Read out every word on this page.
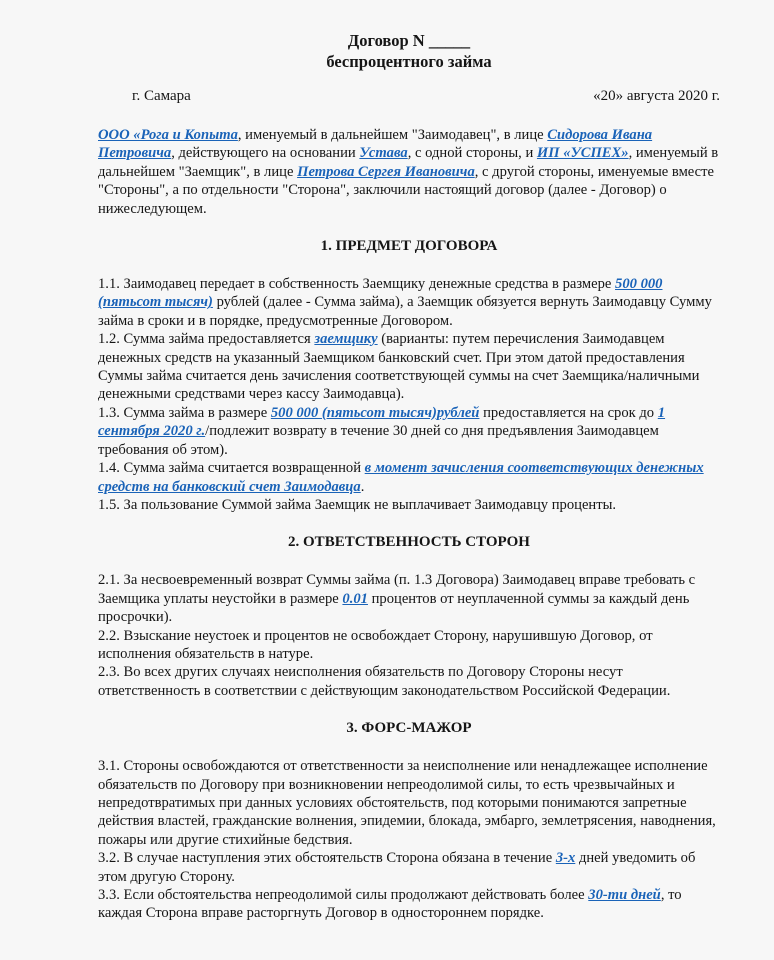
Договор N _____
беспроцентного займа
г. Самара	«20» августа 2020 г.

ООО «Рога и Копыта, именуемый в дальнейшем "Заимодавец", в лице Сидорова Ивана Петровича, действующего на основании Устава, с одной стороны, и ИП «УСПЕХ», именуемый в дальнейшем "Заемщик", в лице Петрова Сергея Ивановича, с другой стороны, именуемые вместе "Стороны", а по отдельности "Сторона", заключили настоящий договор (далее - Договор) о нижеследующем.

1. ПРЕДМЕТ ДОГОВОРА

1.1. Заимодавец передает в собственность Заемщику денежные средства в размере 500 000 (пятьсот тысяч) рублей (далее - Сумма займа), а Заемщик обязуется вернуть Заимодавцу Сумму займа в сроки и в порядке, предусмотренные Договором.

1.2. Сумма займа предоставляется заемщику (варианты: путем перечисления Заимодавцем денежных средств на указанный Заемщиком банковский счет. При этом датой предоставления Суммы займа считается день зачисления соответствующей суммы на счет Заемщика/наличными денежными средствами через кассу Заимодавца).

1.3. Сумма займа в размере 500 000 (пятьсот тысяч)рублей предоставляется на срок до 1 сентября 2020 г./подлежит возврату в течение 30 дней со дня предъявления Заимодавцем требования об этом).

1.4. Сумма займа считается возвращенной в момент зачисления соответствующих денежных средств на банковский счет Заимодавца.

1.5. За пользование Суммой займа Заемщик не выплачивает Заимодавцу проценты.

2. ОТВЕТСТВЕННОСТЬ СТОРОН

2.1. За несвоевременный возврат Суммы займа (п. 1.3 Договора) Заимодавец вправе требовать с Заемщика уплаты неустойки в размере 0.01 процентов от неуплаченной суммы за каждый день просрочки).

2.2. Взыскание неустоек и процентов не освобождает Сторону, нарушившую Договор, от исполнения обязательств в натуре.

2.3. Во всех других случаях неисполнения обязательств по Договору Стороны несут ответственность в соответствии с действующим законодательством Российской Федерации.

3. ФОРС-МАЖОР

3.1. Стороны освобождаются от ответственности за неисполнение или ненадлежащее исполнение обязательств по Договору при возникновении непреодолимой силы, то есть чрезвычайных и непредотвратимых при данных условиях обстоятельств, под которыми понимаются запретные действия властей, гражданские волнения, эпидемии, блокада, эмбарго, землетрясения, наводнения, пожары или другие стихийные бедствия.

3.2. В случае наступления этих обстоятельств Сторона обязана в течение 3-х дней уведомить об этом другую Сторону.

3.3. Если обстоятельства непреодолимой силы продолжают действовать более 30-ти дней, то каждая Сторона вправе расторгнуть Договор в одностороннем порядке.
